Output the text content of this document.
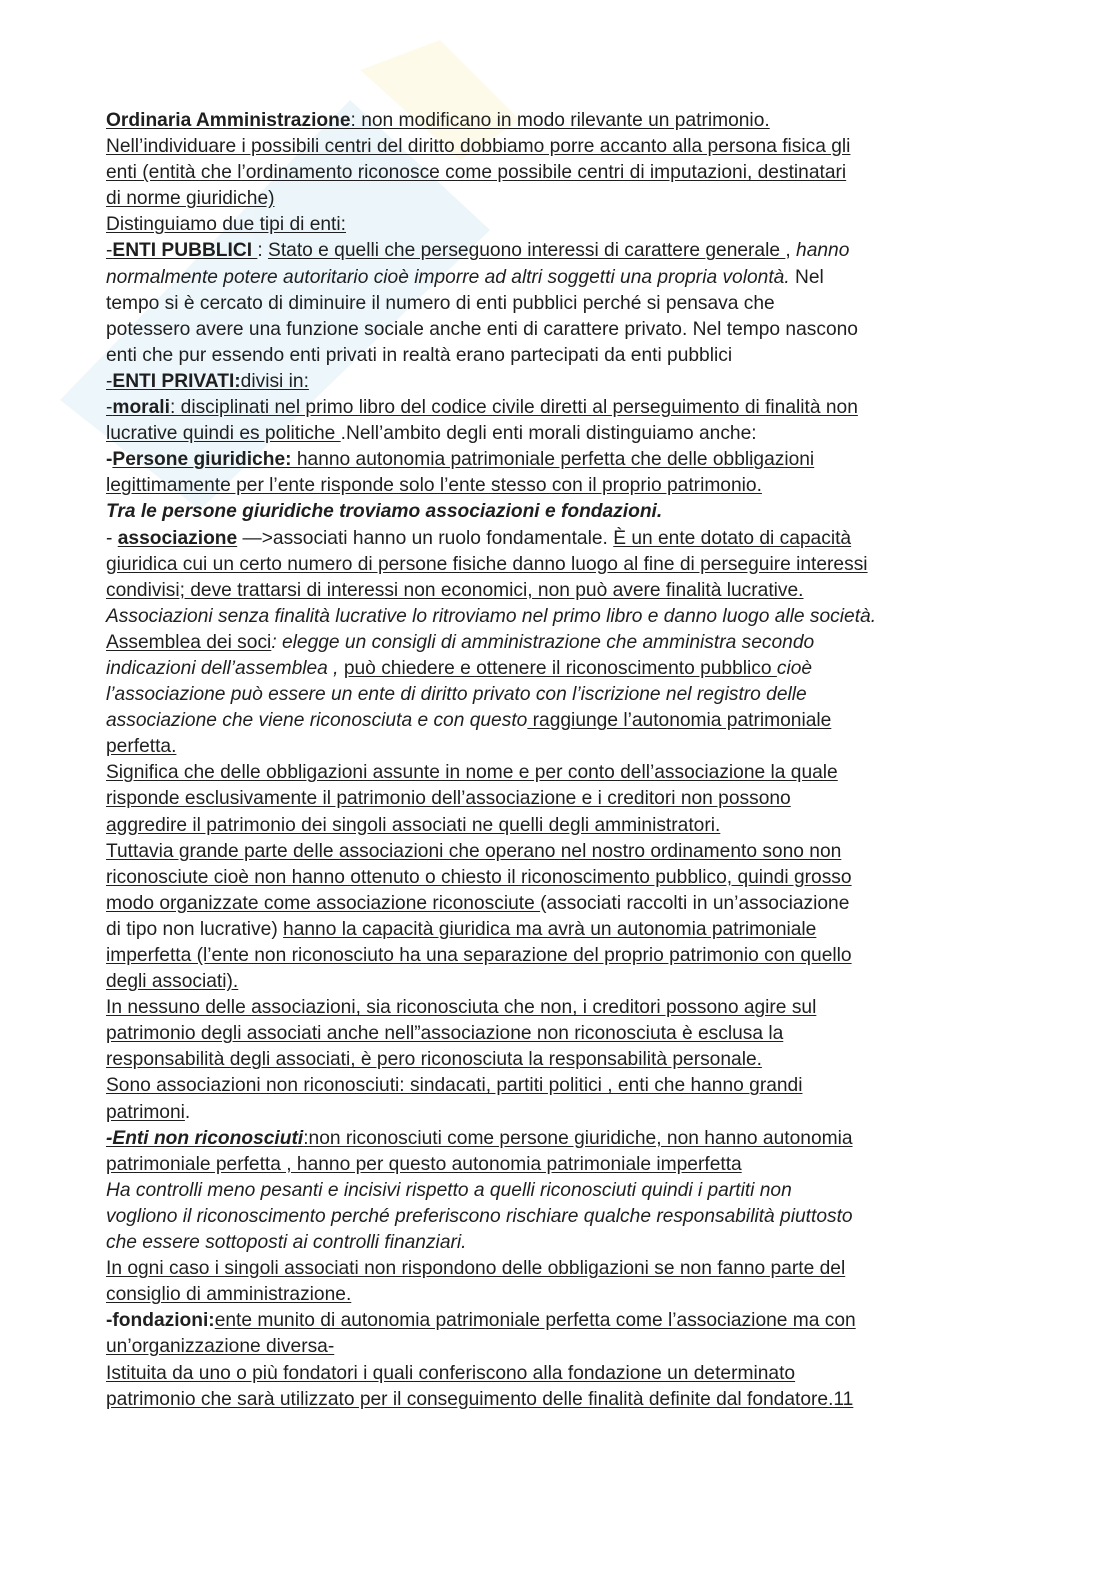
Ordinaria Amministrazione: non modificano in modo rilevante un patrimonio.
Nell’individuare i possibili centri del diritto dobbiamo porre accanto alla persona fisica gli
enti (entità che l’ordinamento riconosce come possibile centri di imputazioni, destinatari
di norme giuridiche)
Distinguiamo due tipi di enti:
-ENTI PUBBLICI : Stato e quelli che perseguono interessi di carattere generale , hanno
normalmente potere autoritario cioè imporre ad altri soggetti una propria volontà. Nel
tempo si è cercato di diminuire il numero di enti pubblici perché si pensava che
potessero avere una funzione sociale anche enti di carattere privato. Nel tempo nascono
enti che pur essendo enti privati in realtà erano partecipati da enti pubblici
-ENTI PRIVATI:divisi in:
-morali: disciplinati nel primo libro del codice civile diretti al perseguimento di finalità non
lucrative quindi es politiche .Nell’ambito degli enti morali distinguiamo anche:
-Persone giuridiche: hanno autonomia patrimoniale perfetta che delle obbligazioni
legittimamente per l’ente risponde solo l’ente stesso con il proprio patrimonio.
Tra le persone giuridiche troviamo associazioni e fondazioni.
- associazione —>associati hanno un ruolo fondamentale. È un ente dotato di capacità
giuridica cui un certo numero di persone fisiche danno luogo al fine di perseguire interessi
condivisi; deve trattarsi di interessi non economici, non può avere finalità lucrative.
Associazioni senza finalità lucrative lo ritroviamo nel primo libro e danno luogo alle società.
Assemblea dei soci: elegge un consigli di amministrazione che amministra secondo
indicazioni dell’assemblea , può chiedere e ottenere il riconoscimento pubblico cioè
l’associazione può essere un ente di diritto privato con l’iscrizione nel registro delle
associazione che viene riconosciuta e con questo raggiunge l’autonomia patrimoniale
perfetta.
Significa che delle obbligazioni assunte in nome e per conto dell’associazione la quale
risponde esclusivamente il patrimonio dell’associazione e i creditori non possono
aggredire il patrimonio dei singoli associati ne quelli degli amministratori.
Tuttavia grande parte delle associazioni che operano nel nostro ordinamento sono non
riconosciute cioè non hanno ottenuto o chiesto il riconoscimento pubblico, quindi grosso
modo organizzate come associazione riconosciute (associati raccolti in un’associazione
di tipo non lucrative) hanno la capacità giuridica ma avrà un autonomia patrimoniale
imperfetta (l’ente non riconosciuto ha una separazione del proprio patrimonio con quello
degli associati).
In nessuno delle associazioni, sia riconosciuta che non, i creditori possono agire sul
patrimonio degli associati anche nell”associazione non riconosciuta è esclusa la
responsabilità degli associati, è pero riconosciuta la responsabilità personale.
Sono associazioni non riconosciuti: sindacati, partiti politici , enti che hanno grandi
patrimoni.
-Enti non riconosciuti:non riconosciuti come persone giuridiche, non hanno autonomia
patrimoniale perfetta , hanno per questo autonomia patrimoniale imperfetta
Ha controlli meno pesanti e incisivi rispetto a quelli riconosciuti quindi i partiti non
vogliono il riconoscimento perché preferiscono rischiare qualche responsabilità piuttosto
che essere sottoposti ai controlli finanziari.
In ogni caso i singoli associati non rispondono delle obbligazioni se non fanno parte del
consiglio di amministrazione.
-fondazioni:ente munito di autonomia patrimoniale perfetta come l’associazione ma con
un’organizzazione diversa-
Istituita da uno o più fondatori i quali conferiscono alla fondazione un determinato
patrimonio che sarà utilizzato per il conseguimento delle finalità definite dal fondatore.11
